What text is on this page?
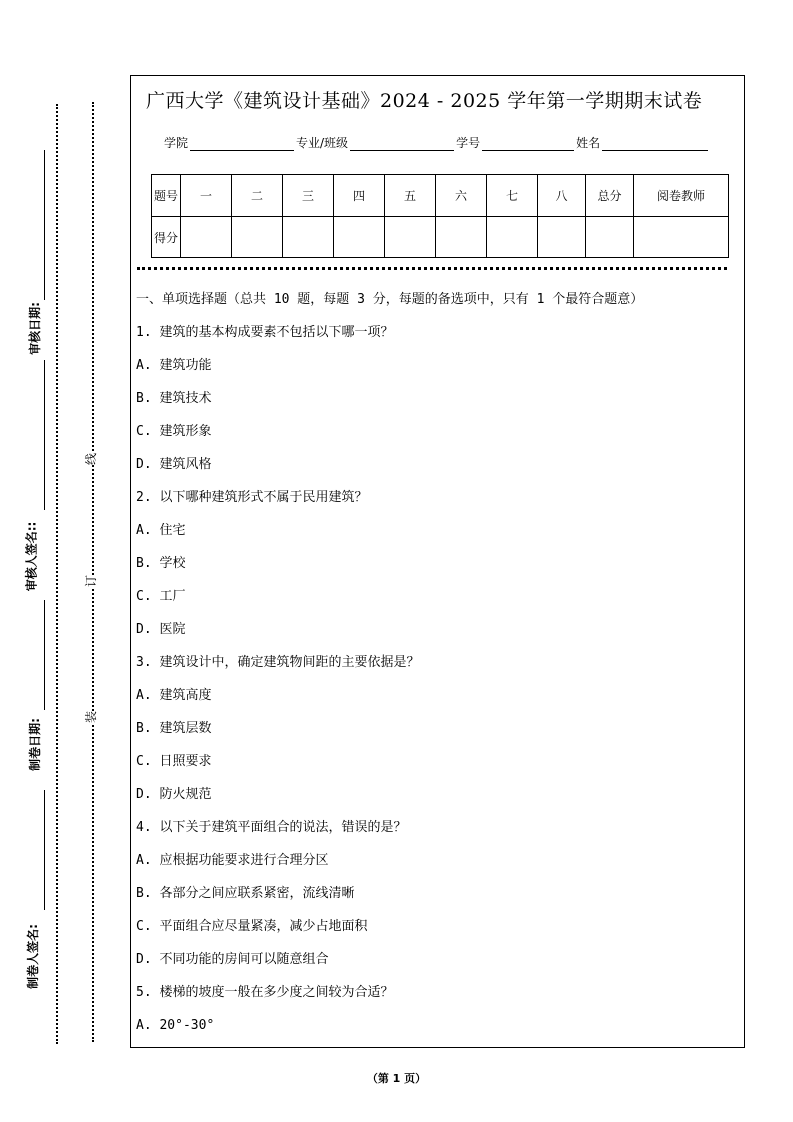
审核日期:
审核人签名::
制卷日期:
制卷人签名:
线
订
装
广西大学《建筑设计基础》2024 - 2025 学年第一学期期末试卷
学院	专业/班级	学号	姓名
题号	一	二	三	四	五	六	七	八	总分	阅卷教师
得分										
一、单项选择题（总共 10 题，每题 3 分，每题的备选项中，只有 1 个最符合题意）
1. 建筑的基本构成要素不包括以下哪一项？
A. 建筑功能
B. 建筑技术
C. 建筑形象
D. 建筑风格
2. 以下哪种建筑形式不属于民用建筑？
A. 住宅
B. 学校
C. 工厂
D. 医院
3. 建筑设计中，确定建筑物间距的主要依据是？
A. 建筑高度
B. 建筑层数
C. 日照要求
D. 防火规范
4. 以下关于建筑平面组合的说法，错误的是？
A. 应根据功能要求进行合理分区
B. 各部分之间应联系紧密，流线清晰
C. 平面组合应尽量紧凑，减少占地面积
D. 不同功能的房间可以随意组合
5. 楼梯的坡度一般在多少度之间较为合适？
A. 20°-30°
（第 1 页）
